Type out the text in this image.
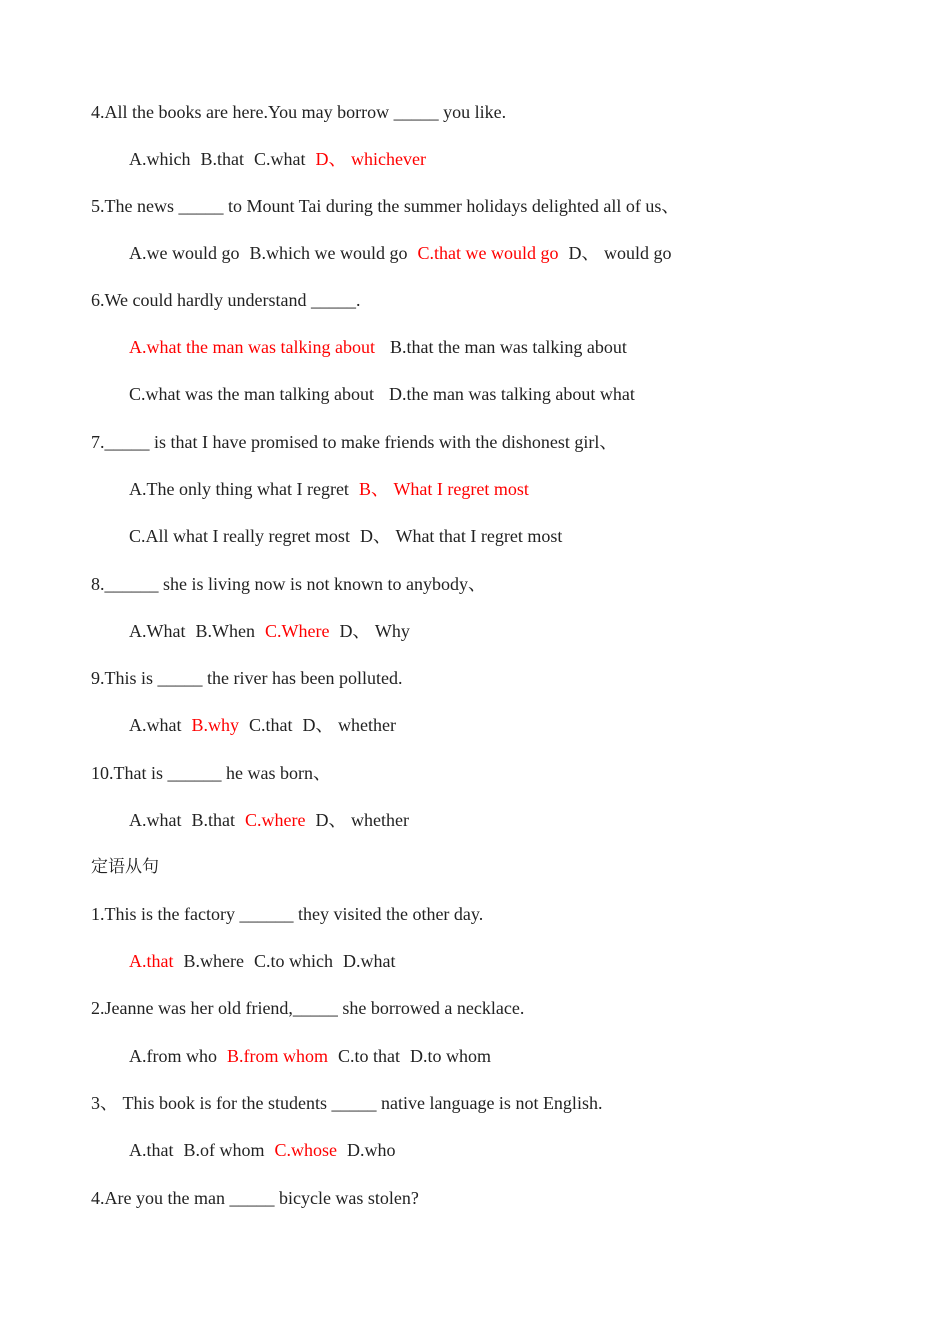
4.All the books are here.You may borrow _____ you like.
A.which B.that C.what D、 whichever
5.The news _____ to Mount Tai during the summer holidays delighted all of us、
A.we would go B.which we would go C.that we would go D、 would go
6.We could hardly understand _____.
A.what the man was talking about B.that the man was talking about
C.what was the man talking about D.the man was talking about what
7._____ is that I have promised to make friends with the dishonest girl、
A.The only thing what I regret B、 What I regret most
C.All what I really regret most D、 What that I regret most
8.______ she is living now is not known to anybody、
A.What B.When C.Where D、 Why
9.This is _____ the river has been polluted.
A.what B.why C.that D、 whether
10.That is ______ he was born、
A.what B.that C.where D、 whether
定语从句
1.This is the factory ______ they visited the other day.
A.that B.where C.to which D.what
2.Jeanne was her old friend,_____ she borrowed a necklace.
A.from who B.from whom C.to that D.to whom
3、 This book is for the students _____ native language is not English.
A.that B.of whom C.whose D.who
4.Are you the man _____ bicycle was stolen?
